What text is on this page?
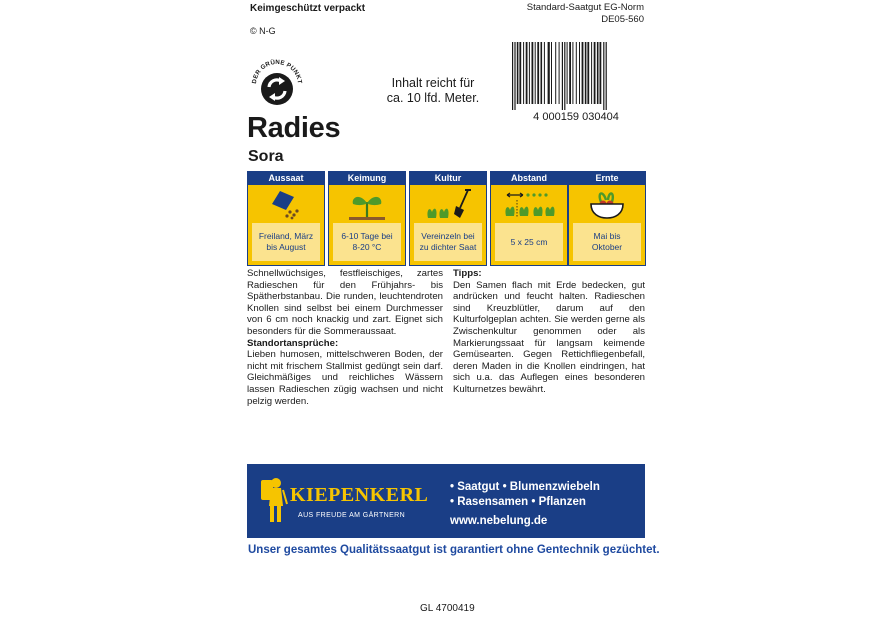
Keimgeschützt verpackt
© N-G
Standard-Saatgut EG-Norm
DE05-560
DER GRÜNE PUNKT	Inhalt reicht für
ca. 10 lfd. Meter.
4 000159 030404
Radies
Sora
Aussaat
Freiland, März
bis August
Keimung
6-10 Tage bei
8-20 °C
Kultur
Vereinzeln bei
zu dichter Saat
Abstand
5 x 25 cm
Ernte
Mai bis
Oktober

Schnellwüchsiges, festfleischiges, zartes Radieschen für den Frühjahrs- bis Spätherbstanbau. Die runden, leuchtendroten Knollen sind selbst bei einem Durchmesser von 6 cm noch knackig und zart. Eignet sich besonders für die Sommeraussaat.

Standortansprüche:

Lieben humosen, mittelschweren Boden, der nicht mit frischem Stallmist gedüngt sein darf. Gleichmäßiges und reichliches Wässern lassen Radieschen zügig wachsen und nicht pelzig werden.

Tipps:

Den Samen flach mit Erde bedecken, gut andrücken und feucht halten. Radieschen sind Kreuzblütler, darum auf den Kulturfolgeplan achten. Sie werden gerne als Zwischenkultur genommen oder als Markierungssaat für langsam keimende Gemüsearten. Gegen Rettichfliegenbefall, deren Maden in die Knollen eindringen, hat sich u.a. das Auflegen eines besonderen Kulturnetzes bewährt.

KIEPENKERL
AUS FREUDE AM GÄRTNERN
• Saatgut • Blumenzwiebeln
• Rasensamen • Pflanzen
www.nebelung.de
Unser gesamtes Qualitätssaatgut ist garantiert ohne Gentechnik gezüchtet.
GL 4700419
